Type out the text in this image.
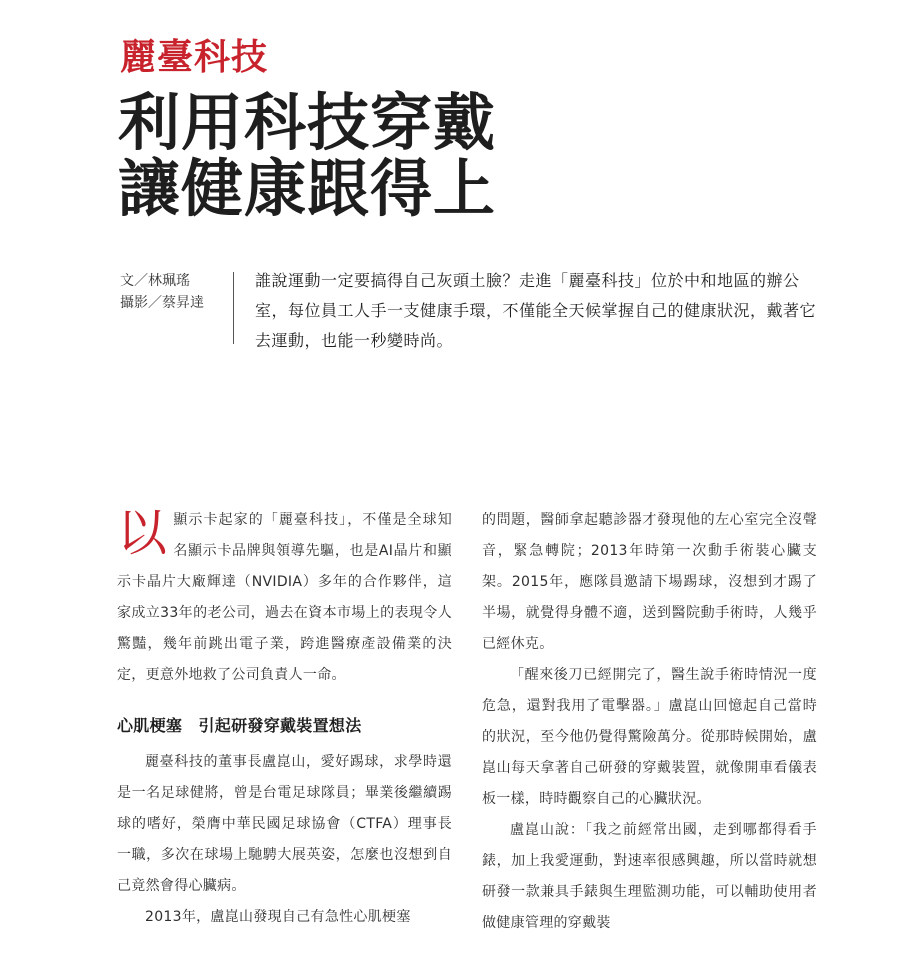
麗臺科技
利用科技穿戴
讓健康跟得上
文／林珮瑤
攝影／蔡昇達

誰說運動一定要搞得自己灰頭土臉？走進「麗臺科技」位於中和地區的辦公室，每位員工人手一支健康手環，不僅能全天候掌握自己的健康狀況，戴著它去運動，也能一秒變時尚。

以顯示卡起家的「麗臺科技」，不僅是全球知名顯示卡品牌與領導先驅，也是AI晶片和顯示卡晶片大廠輝達（NVIDIA）多年的合作夥伴，這家成立33年的老公司，過去在資本市場上的表現令人驚豔，幾年前跳出電子業，跨進醫療產設備業的決定，更意外地救了公司負責人一命。

心肌梗塞　引起研發穿戴裝置想法

麗臺科技的董事長盧崑山，愛好踢球，求學時還是一名足球健將，曾是台電足球隊員；畢業後繼續踢球的嗜好，榮膺中華民國足球協會（CTFA）理事長一職，多次在球場上馳騁大展英姿，怎麼也沒想到自己竟然會得心臟病。

2013年，盧崑山發現自己有急性心肌梗塞

的問題，醫師拿起聽診器才發現他的左心室完全沒聲音，緊急轉院；2013年時第一次動手術裝心臟支架。2015年，應隊員邀請下場踢球，沒想到才踢了半場，就覺得身體不適，送到醫院動手術時，人幾乎已經休克。

「醒來後刀已經開完了，醫生說手術時情況一度危急，還對我用了電擊器。」盧崑山回憶起自己當時的狀況，至今他仍覺得驚險萬分。從那時候開始，盧崑山每天拿著自己研發的穿戴裝置，就像開車看儀表板一樣，時時觀察自己的心臟狀況。

盧崑山說：「我之前經常出國，走到哪都得看手錶，加上我愛運動，對速率很感興趣，所以當時就想研發一款兼具手錶與生理監測功能，可以輔助使用者做健康管理的穿戴裝
